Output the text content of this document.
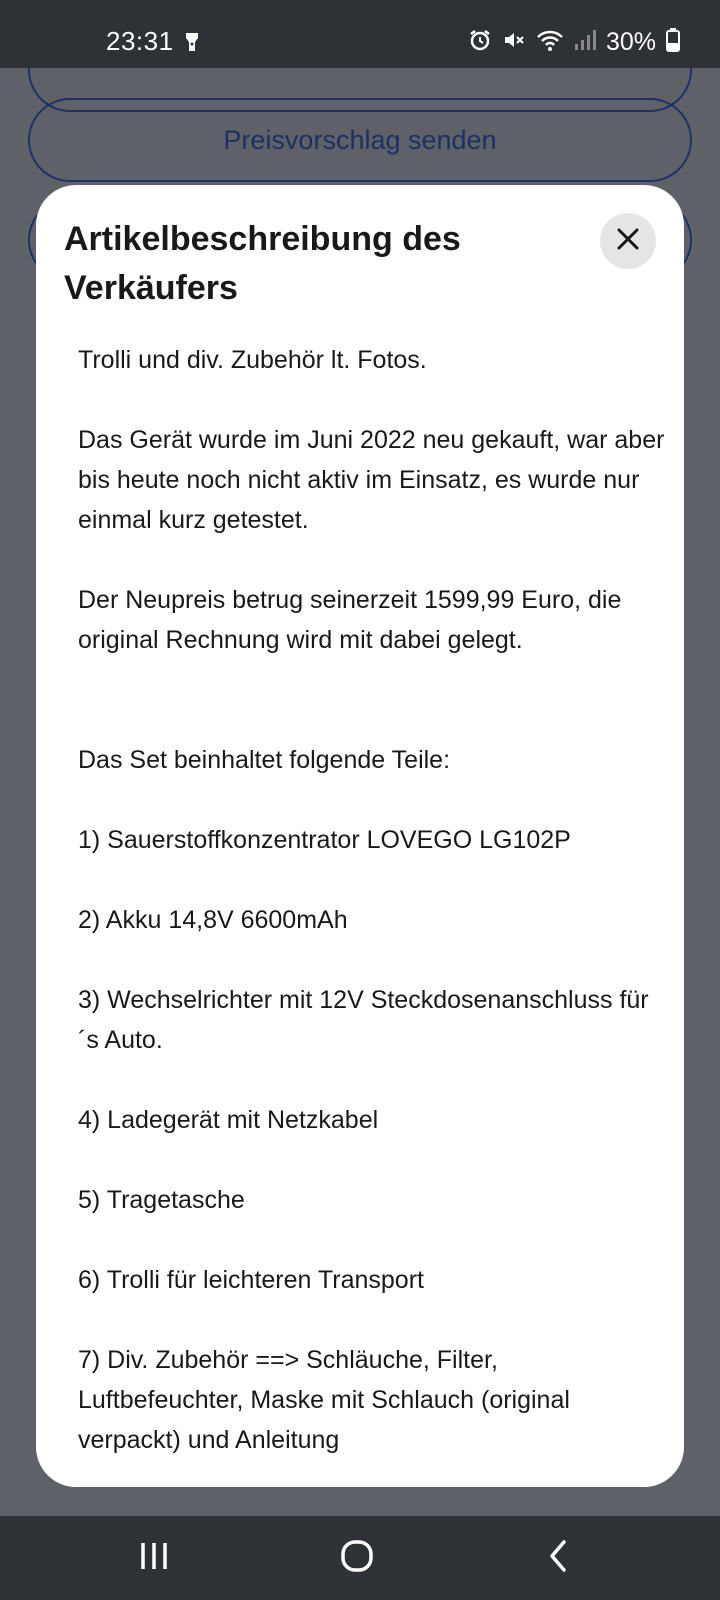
23:31	30%
Artikelbeschreibung des Verkäufers

Trolli und div. Zubehör lt. Fotos.

Das Gerät wurde im Juni 2022 neu gekauft, war aber bis heute noch nicht aktiv im Einsatz, es wurde nur einmal kurz getestet.

Der Neupreis betrug seinerzeit 1599,99 Euro, die original Rechnung wird mit dabei gelegt.

Das Set beinhaltet folgende Teile:

1) Sauerstoffkonzentrator LOVEGO LG102P

2) Akku 14,8V 6600mAh

3) Wechselrichter mit 12V Steckdosenanschluss für´s Auto.

4) Ladegerät mit Netzkabel

5) Tragetasche

6) Trolli für leichteren Transport

7) Div. Zubehör ==> Schläuche, Filter, Luftbefeuchter, Maske mit Schlauch (original verpackt) und Anleitung
